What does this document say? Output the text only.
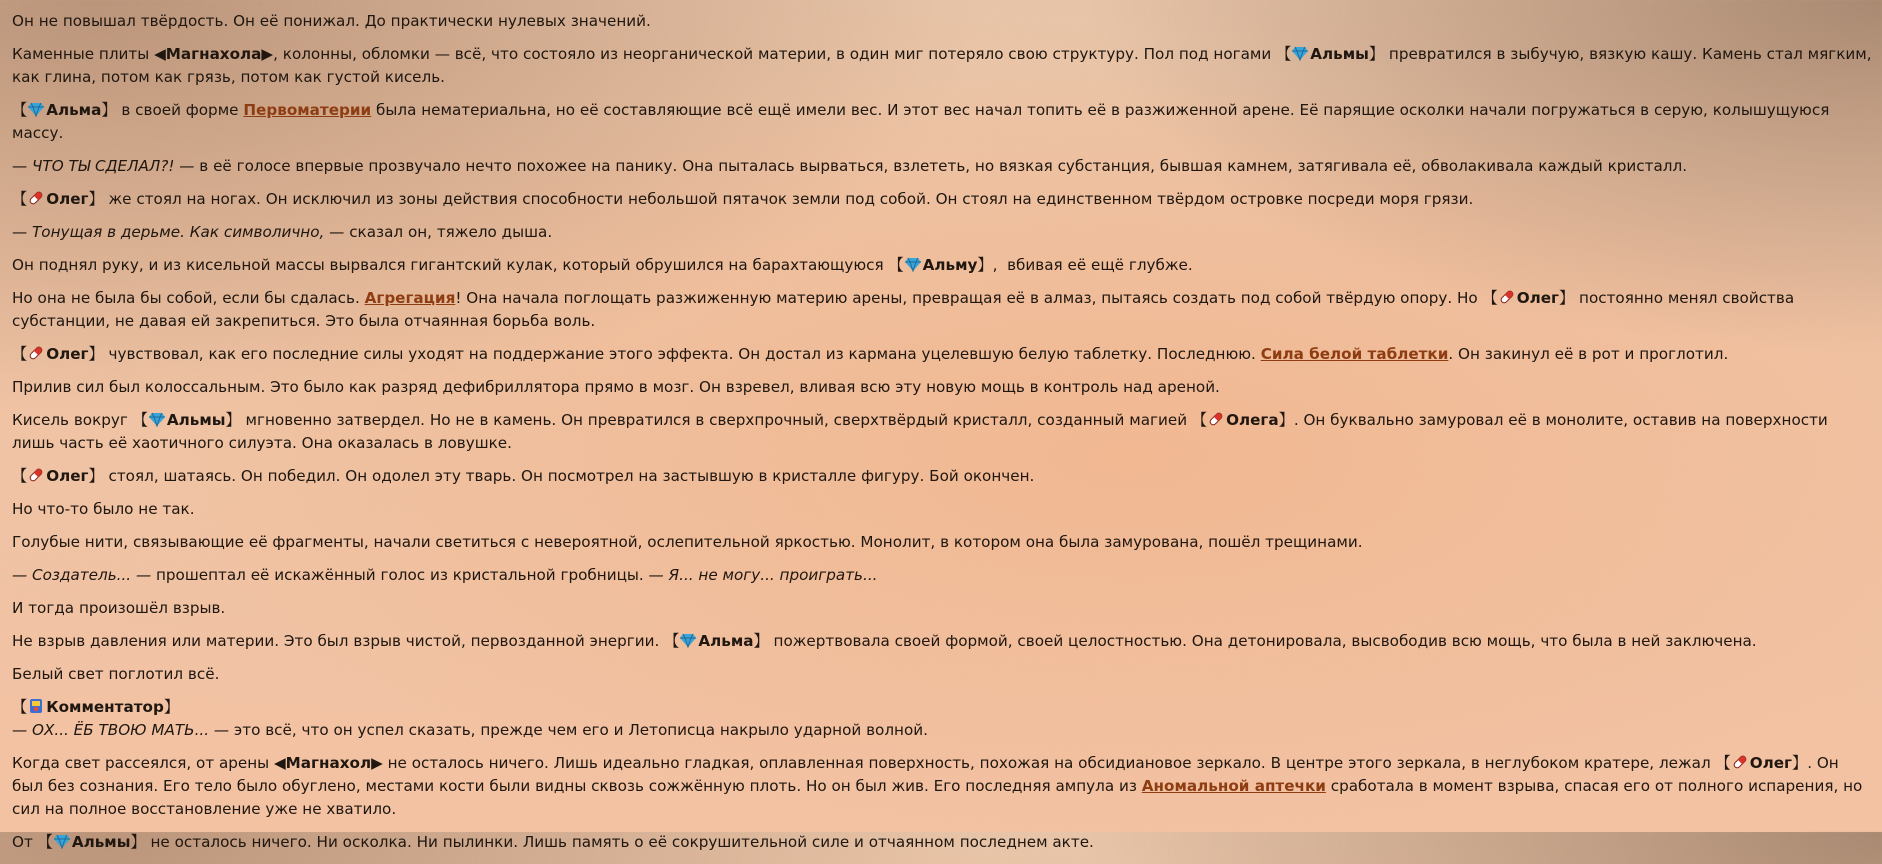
Он не повышал твёрдость. Он её понижал. До практически нулевых значений.

Каменные плиты ◀Магнахола▶, колонны, обломки — всё, что состояло из неорганической материи, в один миг потеряло свою структуру. Пол под ногами 【 Альмы】 превратился в зыбучую, вязкую кашу. Камень стал мягким, как глина, потом как грязь, потом как густой кисель.

【 Альма】 в своей форме Первоматерии была нематериальна, но её составляющие всё ещё имели вес. И этот вес начал топить её в разжиженной арене. Её парящие осколки начали погружаться в серую, колышущуюся массу.

— ЧТО ТЫ СДЕЛАЛ?! — в её голосе впервые прозвучало нечто похожее на панику. Она пыталась вырваться, взлететь, но вязкая субстанция, бывшая камнем, затягивала её, обволакивала каждый кристалл.

【 Олег】 же стоял на ногах. Он исключил из зоны действия способности небольшой пятачок земли под собой. Он стоял на единственном твёрдом островке посреди моря грязи.

— Тонущая в дерьме. Как символично, — сказал он, тяжело дыша.

Он поднял руку, и из кисельной массы вырвался гигантский кулак, который обрушился на барахтающуюся 【 Альму】,  вбивая её ещё глубже.

Но она не была бы собой, если бы сдалась. Агрегация! Она начала поглощать разжиженную материю арены, превращая её в алмаз, пытаясь создать под собой твёрдую опору. Но 【 Олег】 постоянно менял свойства субстанции, не давая ей закрепиться. Это была отчаянная борьба воль.

【 Олег】 чувствовал, как его последние силы уходят на поддержание этого эффекта. Он достал из кармана уцелевшую белую таблетку. Последнюю. Сила белой таблетки. Он закинул её в рот и проглотил.

Прилив сил был колоссальным. Это было как разряд дефибриллятора прямо в мозг. Он взревел, вливая всю эту новую мощь в контроль над ареной.

Кисель вокруг 【 Альмы】 мгновенно затвердел. Но не в камень. Он превратился в сверхпрочный, сверхтвёрдый кристалл, созданный магией 【 Олега】. Он буквально замуровал её в монолите, оставив на поверхности лишь часть её хаотичного силуэта. Она оказалась в ловушке.

【 Олег】 стоял, шатаясь. Он победил. Он одолел эту тварь. Он посмотрел на застывшую в кристалле фигуру. Бой окончен.

Но что-то было не так.

Голубые нити, связывающие её фрагменты, начали светиться с невероятной, ослепительной яркостью. Монолит, в котором она была замурована, пошёл трещинами.

— Создатель... — прошептал её искажённый голос из кристальной гробницы. — Я... не могу... проиграть...

И тогда произошёл взрыв.

Не взрыв давления или материи. Это был взрыв чистой, первозданной энергии. 【 Альма】 пожертвовала своей формой, своей целостностью. Она детонировала, высвободив всю мощь, что была в ней заключена.

Белый свет поглотил всё.

【 Комментатор】

— ОХ... ЁБ ТВОЮ МАТЬ... — это всё, что он успел сказать, прежде чем его и Летописца накрыло ударной волной.

Когда свет рассеялся, от арены ◀Магнахол▶ не осталось ничего. Лишь идеально гладкая, оплавленная поверхность, похожая на обсидиановое зеркало. В центре этого зеркала, в неглубоком кратере, лежал 【 Олег】. Он был без сознания. Его тело было обуглено, местами кости были видны сквозь сожжённую плоть. Но он был жив. Его последняя ампула из Аномальной аптечки сработала в момент взрыва, спасая его от полного испарения, но сил на полное восстановление уже не хватило.

От 【 Альмы】 не осталось ничего. Ни осколка. Ни пылинки. Лишь память о её сокрушительной силе и отчаянном последнем акте.
